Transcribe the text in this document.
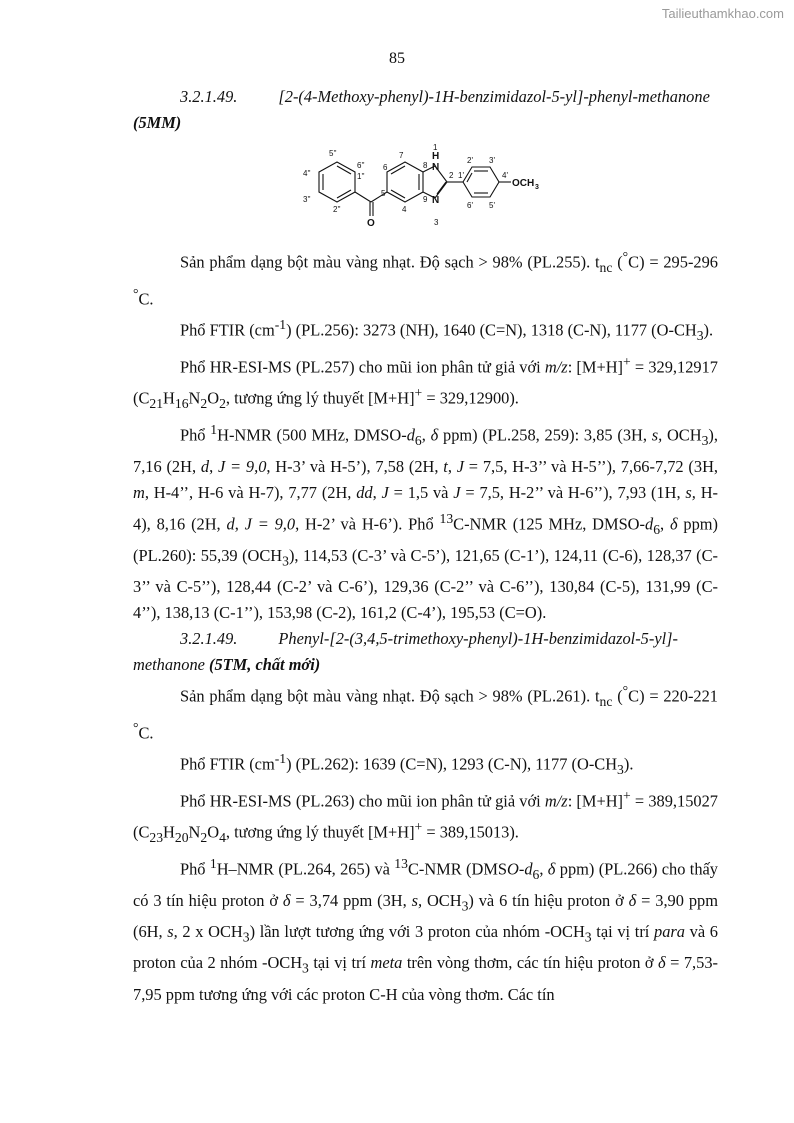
Tailieuthamkhao.com
85

3.2.1.49.	[2-(4-Methoxy-phenyl)-1H-benzimidazol-5-yl]-phenyl-methanone

(5MM)

7
6
5
4
8
9
1
3
2 1'
2' 3'
4'
5'
6'
1''
2''
3''
4''
5''
6''
H
N
N
O
OCH 3

Sản phẩm dạng bột màu vàng nhạt. Độ sạch > 98% (PL.255). $t_{nc}$ (°C) = 295-296 °C.

Phổ FTIR $(cm^{-1})$ (PL.256): 3273 (NH), 1640 (C=N), 1318 (C-N), 1177 $(O-CH_3)$.

Phổ HR-ESI-MS (PL.257) cho mũi ion phân tử giả với m/z: [M+H]+ = 329,12917 ($C_{21}H_{16}N_2O_2$, tương ứng lý thuyết [M+H]+ = 329,12900).

Phổ $^1$H-NMR (500 MHz, DMSO-$d_6$, δ ppm) (PL.258, 259): 3,85 (3H, s, $OCH_3$), 7,16 (2H, d, J = 9,0, H-3’ và H-5’), 7,58 (2H, t, J = 7,5, H-3’’ và H-5’’), 7,66-7,72 (3H, m, H-4’’, H-6 và H-7), 7,77 (2H, dd, J = 1,5 và J = 7,5, H-2’’ và H-6’’), 7,93 (1H, s, H-4), 8,16 (2H, d, J = 9,0, H-2’ và H-6’). Phổ $^{13}$C-NMR (125 MHz, DMSO-$d_6$, δ ppm) (PL.260): 55,39 $(OCH_3)$, 114,53 (C-3’ và C-5’), 121,65 (C-1’), 124,11 (C-6), 128,37 (C-3’’ và C-5’’), 128,44 (C-2’ và C-6’), 129,36 (C-2’’ và C-6’’), 130,84 (C-5), 131,99 (C-4’’), 138,13 (C-1’’), 153,98 (C-2), 161,2 (C-4’), 195,53 (C=O).

3.2.1.49.	Phenyl-[2-(3,4,5-trimethoxy-phenyl)-1H-benzimidazol-5-yl]-

methanone (5TM, chất mới)

Sản phẩm dạng bột màu vàng nhạt. Độ sạch > 98% (PL.261). $t_{nc}$ (°C) = 220-221 °C.

Phổ FTIR $(cm^{-1})$ (PL.262): 1639 (C=N), 1293 (C-N), 1177 $(O-CH_3)$.

Phổ HR-ESI-MS (PL.263) cho mũi ion phân tử giả với m/z: [M+H]+ = 389,15027 ($C_{23}H_{20}N_2O_4$, tương ứng lý thuyết [M+H]+ = 389,15013).

Phổ $^1$H–NMR (PL.264, 265) và $^{13}$C-NMR ($DMSO-d_6$, δ ppm) (PL.266) cho thấy có 3 tín hiệu proton ở δ = 3,74 ppm (3H, s, $OCH_3$) và 6 tín hiệu proton ở δ = 3,90 ppm (6H, s, 2 x $OCH_3$) lần lượt tương ứng với 3 proton của nhóm $-OCH_3$ tại vị trí para và 6 proton của 2 nhóm $-OCH_3$ tại vị trí meta trên vòng thơm, các tín hiệu proton ở δ = 7,53-7,95 ppm tương ứng với các proton C-H của vòng thơm. Các tín
